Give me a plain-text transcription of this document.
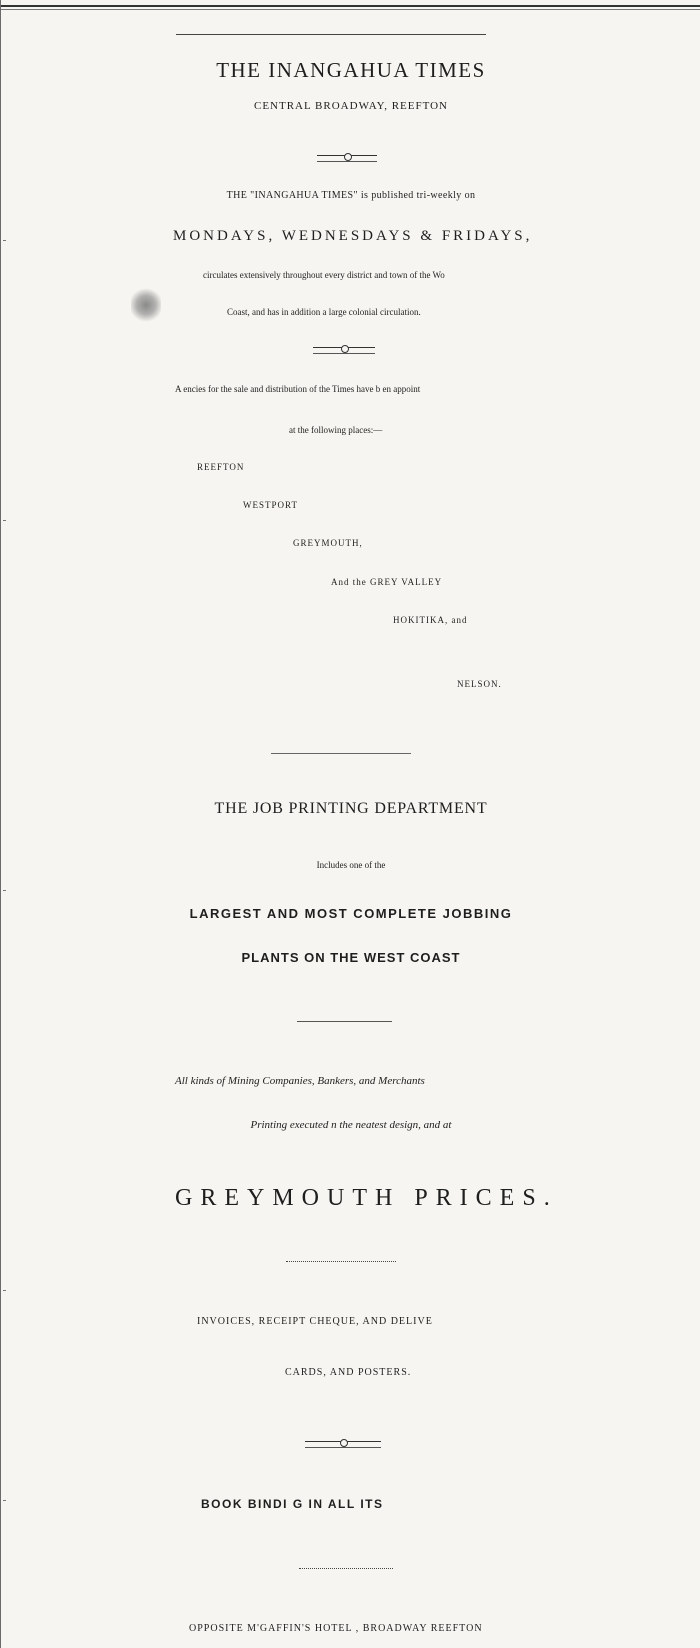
THE INANGAHUA TIMES
CENTRAL BROADWAY, REEFTON
THE "INANGAHUA TIMES" is published tri-weekly on
MONDAYS, WEDNESDAYS & FRIDAYS,
circulates extensively throughout every district and town of the Wo
Coast, and has in addition a large colonial circulation.
A encies for the sale and distribution of the Times have b en appoint
at the following places:—
REEFTON
WESTPORT
GREYMOUTH,
And the GREY VALLEY
HOKITIKA, and
NELSON.
THE JOB PRINTING DEPARTMENT
Includes one of the
LARGEST AND MOST COMPLETE JOBBING
PLANTS ON THE WEST COAST
All kinds of Mining Companies, Bankers, and Merchants
Printing executed n the neatest design, and at
GREYMOUTH PRICES.
INVOICES, RECEIPT CHEQUE, AND DELIVE
CARDS, AND POSTERS.
BOOK BINDI G IN ALL ITS
OPPOSITE M'GAFFIN'S HOTEL , BROADWAY REEFTON
